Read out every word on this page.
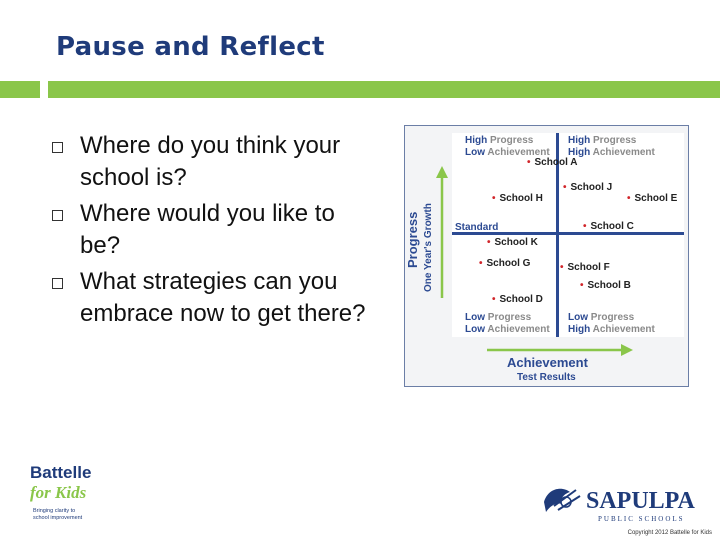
Pause and Reflect
Where do you think your school is?
Where would you like to be?
What strategies can you embrace now to get there?
High Progress
Low Achievement
High Progress
High Achievement
Low Progress
Low Achievement
Low Progress
High Achievement
Standard
• School A
• School H
• School J
• School E
• School C
• School K
• School G
•	School F
• School B
• School D
Progress One Year's Growth
Achievement
Test Results
Battelle
for Kids
Bringing clarity to
school improvement
SAPULPA
PUBLIC SCHOOLS
Copyright 2012 Battelle for Kids
